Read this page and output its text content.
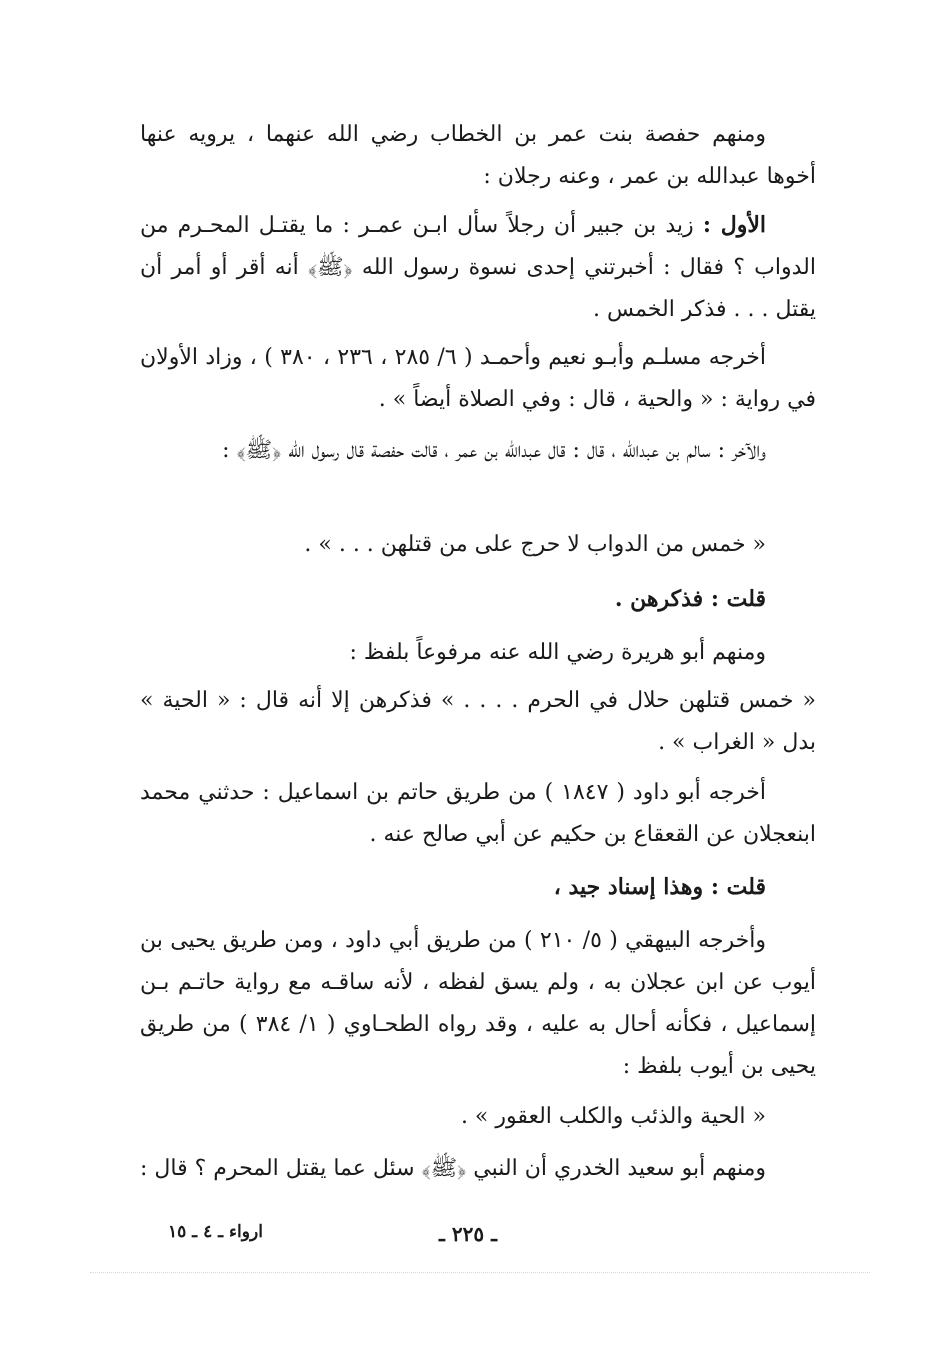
ومنهم حفصة بنت عمر بن الخطاب رضي الله عنهما ، يرويه عنها أخوها عبدالله بن عمر ، وعنه رجلان :

الأول : زيد بن جبير أن رجلاً سأل ابـن عمـر : ما يقتـل المحـرم من الدواب ؟ فقال : أخبرتني إحدى نسوة رسول الله ﴿ﷺ﴾ أنه أقر أو أمر أن يقتل . . . فذكر الخمس .

أخرجه مسلـم وأبـو نعيم وأحمـد ( ٦/ ٢٨٥ ، ٢٣٦ ، ٣٨٠ ) ، وزاد الأولان في رواية : « والحية ، قال : وفي الصلاة أيضاً » .

والآخر : سالم بن عبدالله ، قال : قال عبدالله بن عمر ، قالت حفصة قال رسول الله ﴿ﷺ﴾ :

« خمس من الدواب لا حرج على من قتلهن . . . » .

قلت : فذكرهن .

ومنهم أبو هريرة رضي الله عنه مرفوعاً بلفظ :

« خمس قتلهن حلال في الحرم . . . . » فذكرهن إلا أنه قال : « الحية » بدل « الغراب » .

أخرجه أبو داود ( ١٨٤٧ ) من طريق حاتم بن اسماعيل : حدثني محمد ابنعجلان عن القعقاع بن حكيم عن أبي صالح عنه .

قلت : وهذا إسناد جيد ،

وأخرجه البيهقي ( ٥/ ٢١٠ ) من طريق أبي داود ، ومن طريق يحيى بن أيوب عن ابن عجلان به ، ولم يسق لفظه ، لأنه ساقـه مع رواية حاتـم بـن إسماعيل ، فكأنه أحال به عليه ، وقد رواه الطحـاوي ( ١/ ٣٨٤ ) من طريق يحيى بن أيوب بلفظ :

« الحية والذئب والكلب العقور » .

ومنهم أبو سعيد الخدري أن النبي ﴿ﷺ﴾ سئل عما يقتل المحرم ؟ قال :

ـ ٢٢٥ ـ
ارواء ـ ٤ ـ ١٥
